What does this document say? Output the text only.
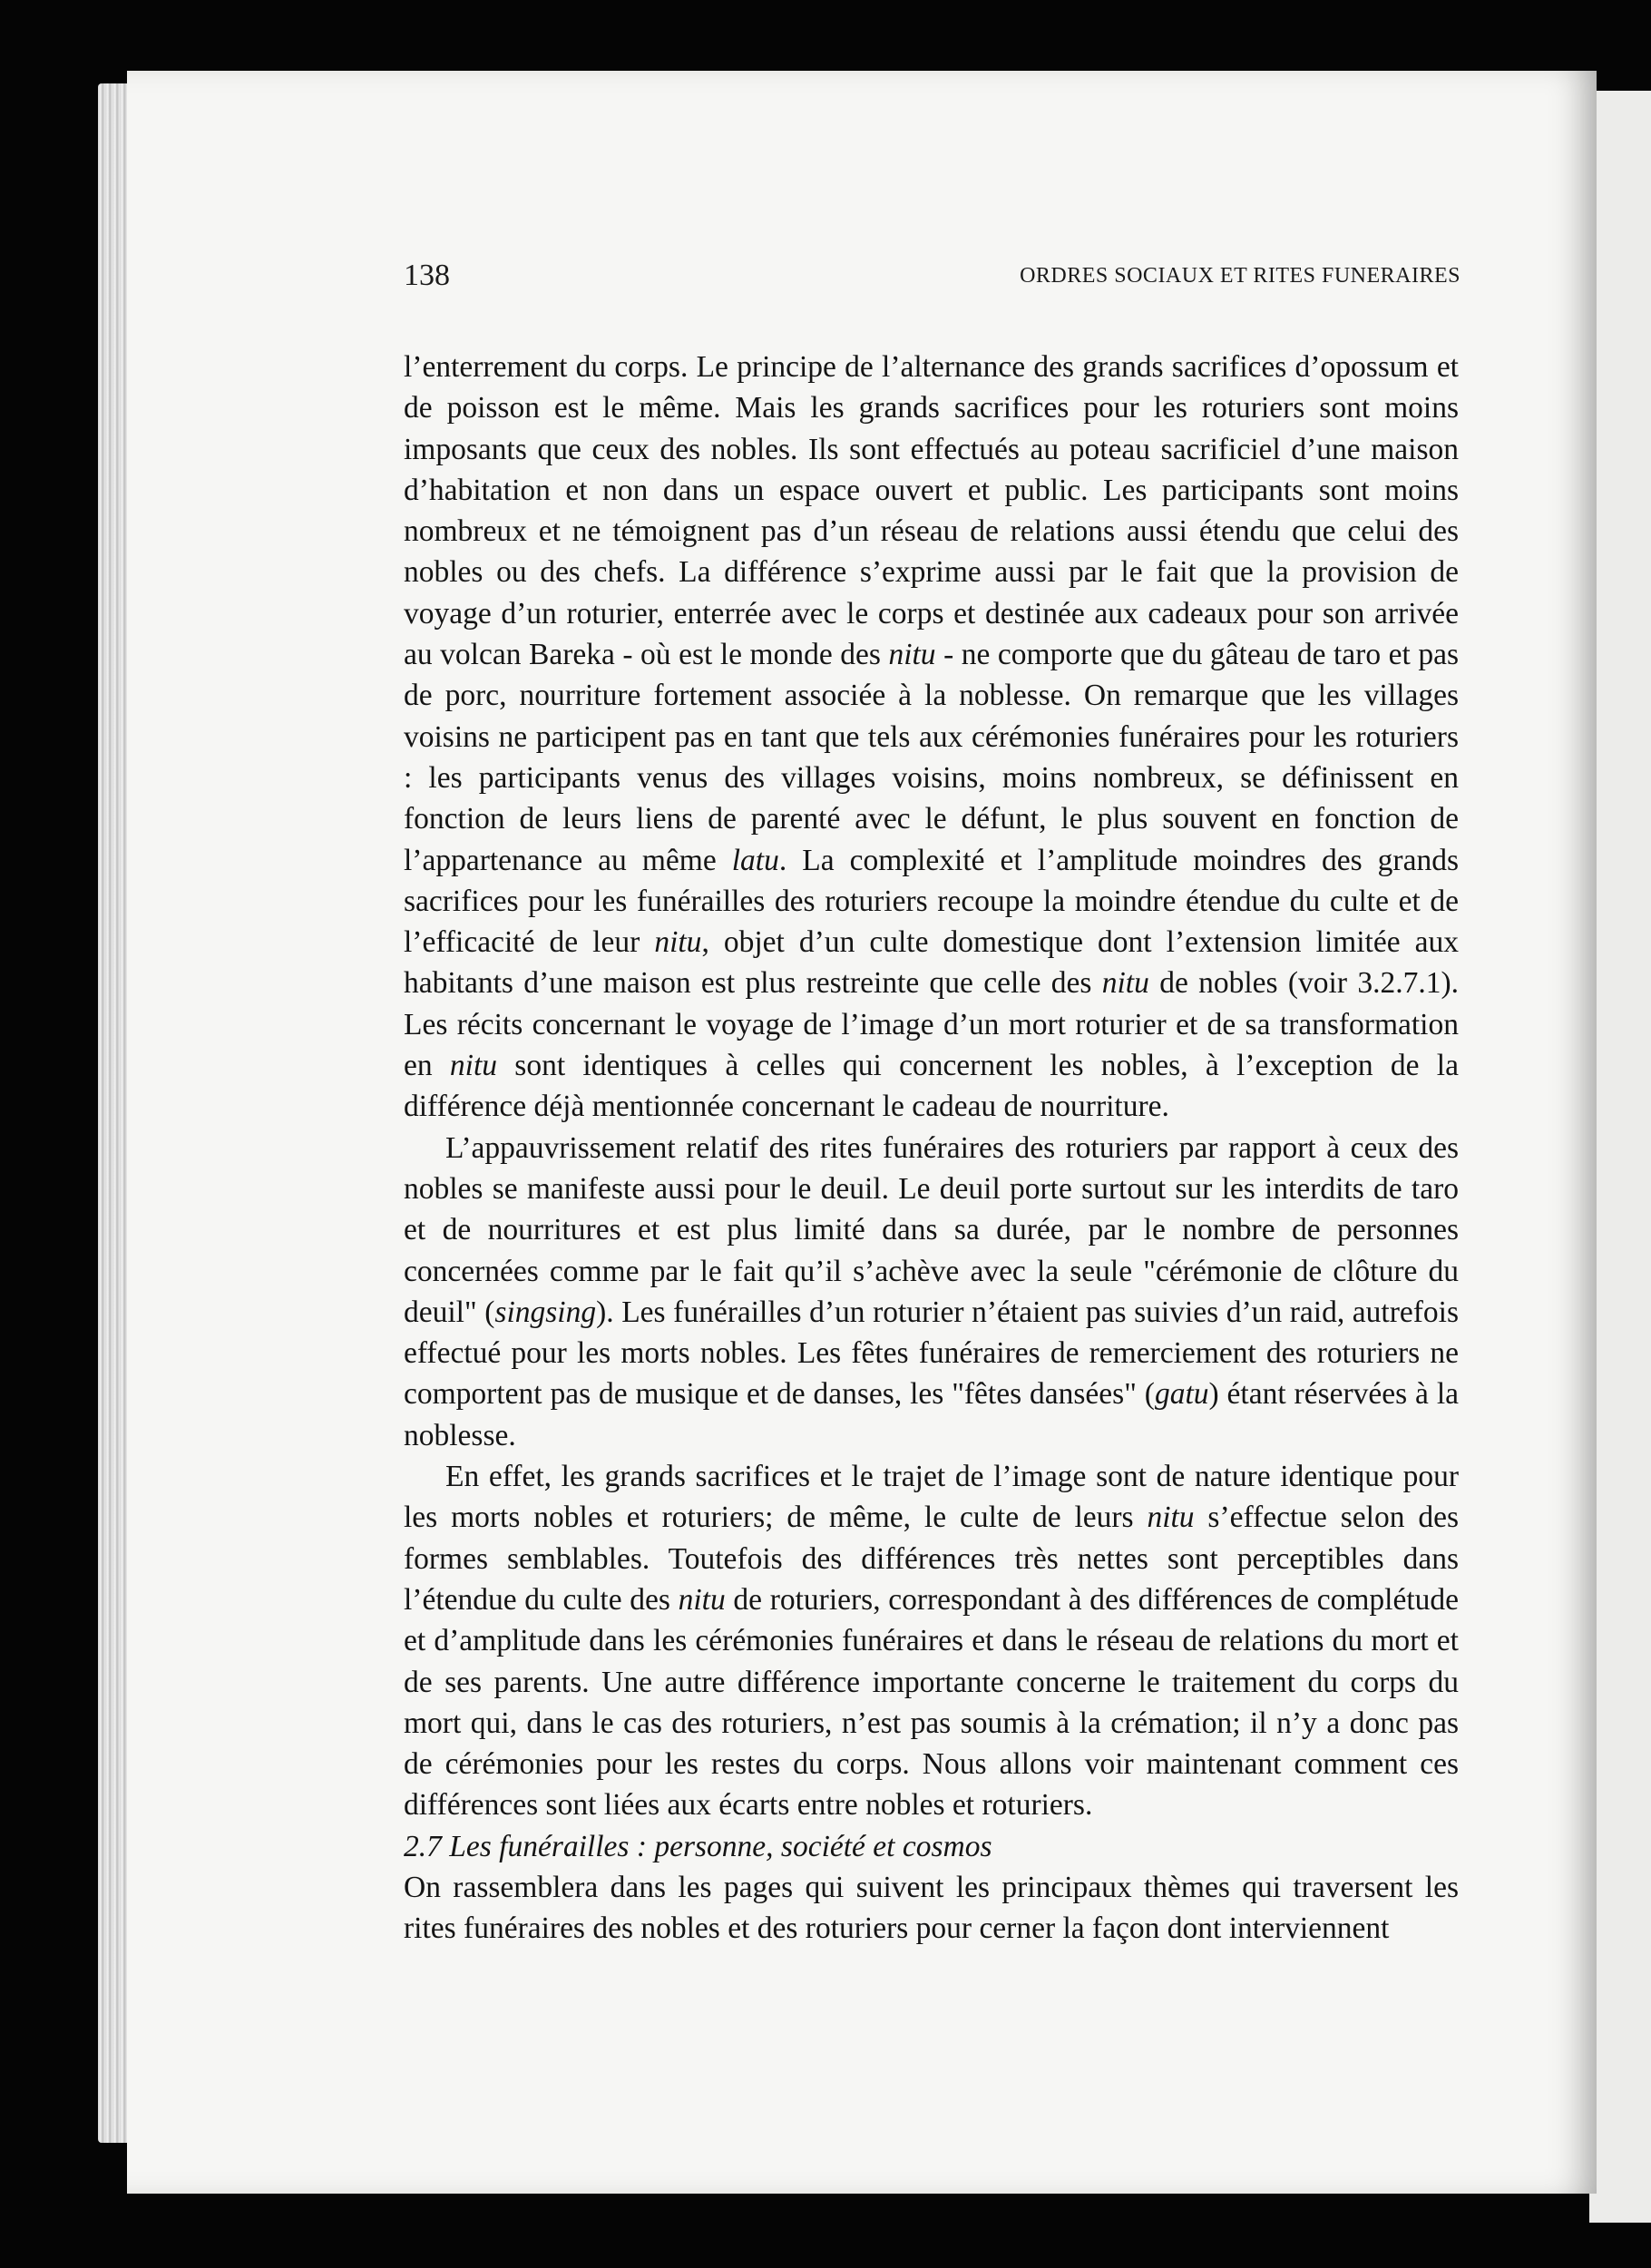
138	ORDRES SOCIAUX ET RITES FUNERAIRES

l’enterrement du corps. Le principe de l’alternance des grands sacrifices d’opossum et de poisson est le même. Mais les grands sacrifices pour les roturiers sont moins imposants que ceux des nobles. Ils sont effectués au poteau sacrificiel d’une maison d’habitation et non dans un espace ouvert et public. Les participants sont moins nombreux et ne témoignent pas d’un réseau de relations aussi étendu que celui des nobles ou des chefs. La différence s’exprime aussi par le fait que la provision de voyage d’un roturier, enterrée avec le corps et destinée aux cadeaux pour son arrivée au volcan Bareka - où est le monde des nitu - ne comporte que du gâteau de taro et pas de porc, nourriture fortement associée à la noblesse. On remarque que les villages voisins ne participent pas en tant que tels aux cérémonies funéraires pour les roturiers : les participants venus des villages voisins, moins nombreux, se définissent en fonction de leurs liens de parenté avec le défunt, le plus souvent en fonction de l’appartenance au même latu. La complexité et l’amplitude moindres des grands sacrifices pour les funérailles des roturiers recoupe la moindre étendue du culte et de l’efficacité de leur nitu, objet d’un culte domestique dont l’extension limitée aux habitants d’une maison est plus restreinte que celle des nitu de nobles (voir 3.2.7.1). Les récits concernant le voyage de l’image d’un mort roturier et de sa transformation en nitu sont identiques à celles qui concernent les nobles, à l’exception de la différence déjà mentionnée concernant le cadeau de nourriture.

L’appauvrissement relatif des rites funéraires des roturiers par rapport à ceux des nobles se manifeste aussi pour le deuil. Le deuil porte surtout sur les interdits de taro et de nourritures et est plus limité dans sa durée, par le nombre de personnes concernées comme par le fait qu’il s’achève avec la seule "cérémonie de clôture du deuil" (singsing). Les funérailles d’un roturier n’étaient pas suivies d’un raid, autrefois effectué pour les morts nobles. Les fêtes funéraires de remerciement des roturiers ne comportent pas de musique et de danses, les "fêtes dansées" (gatu) étant réservées à la noblesse.

En effet, les grands sacrifices et le trajet de l’image sont de nature identique pour les morts nobles et roturiers; de même, le culte de leurs nitu s’effectue selon des formes semblables. Toutefois des différences très nettes sont perceptibles dans l’étendue du culte des nitu de roturiers, correspondant à des différences de complétude et d’amplitude dans les cérémonies funéraires et dans le réseau de relations du mort et de ses parents. Une autre différence importante concerne le traitement du corps du mort qui, dans le cas des roturiers, n’est pas soumis à la crémation; il n’y a donc pas de cérémonies pour les restes du corps. Nous allons voir maintenant comment ces différences sont liées aux écarts entre nobles et roturiers.

2.7 Les funérailles : personne, société et cosmos

On rassemblera dans les pages qui suivent les principaux thèmes qui traversent les rites funéraires des nobles et des roturiers pour cerner la façon dont interviennent
